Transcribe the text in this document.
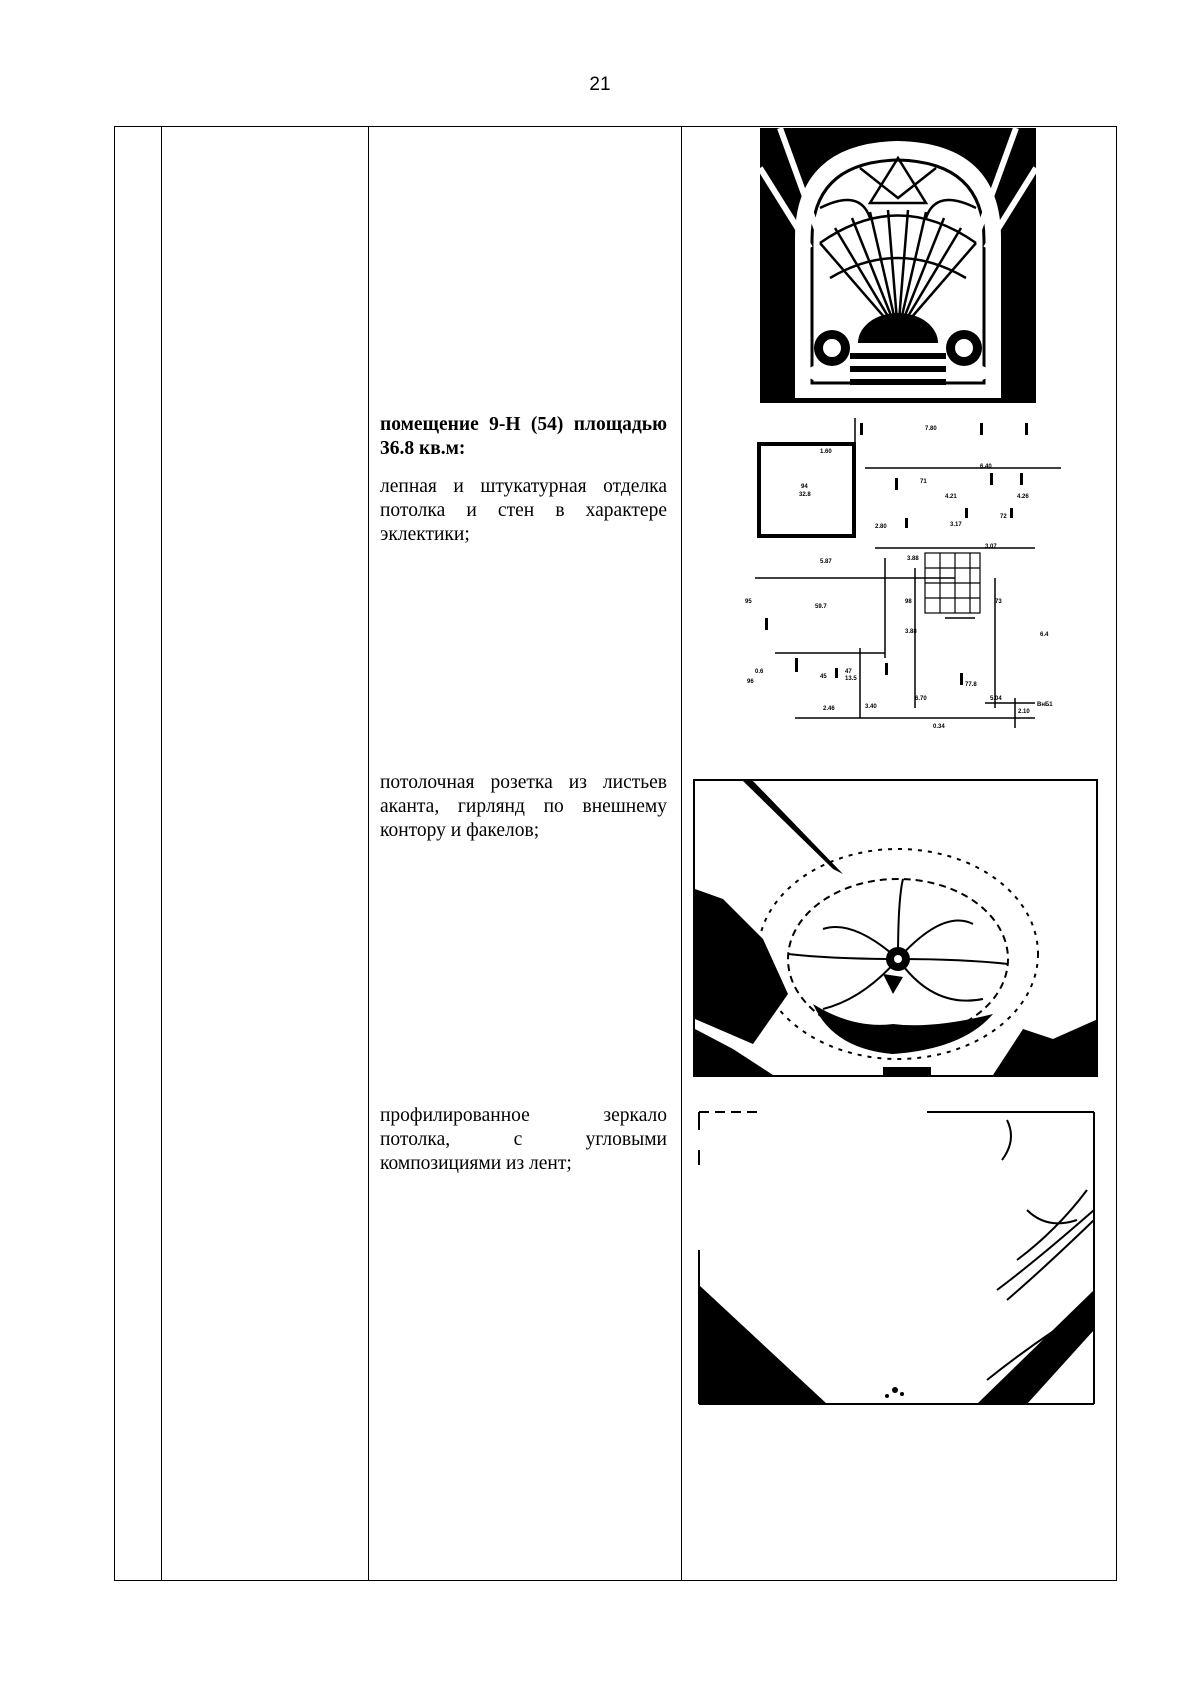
21
помещение 9-Н (54) площадью 36.8 кв.м:
лепная и штукатурная отделка потолка и стен в характере эклектики;
потолочная розетка из листьев аканта, гирлянд по внешнему контору и факелов;
профилированное зеркало потолка, с угловыми композициями из лент;
94
32.8
95
96
59.7
98
71
72
73
45
47
13.5
77.8
4.26
7.80
3.88
5.87
3.07
3.17
2.10
4.21
3.88
6.40
6.4
6.70
2.46
1.60
0.34
5.04
3.40
2.80
0.6
ВнБ1
